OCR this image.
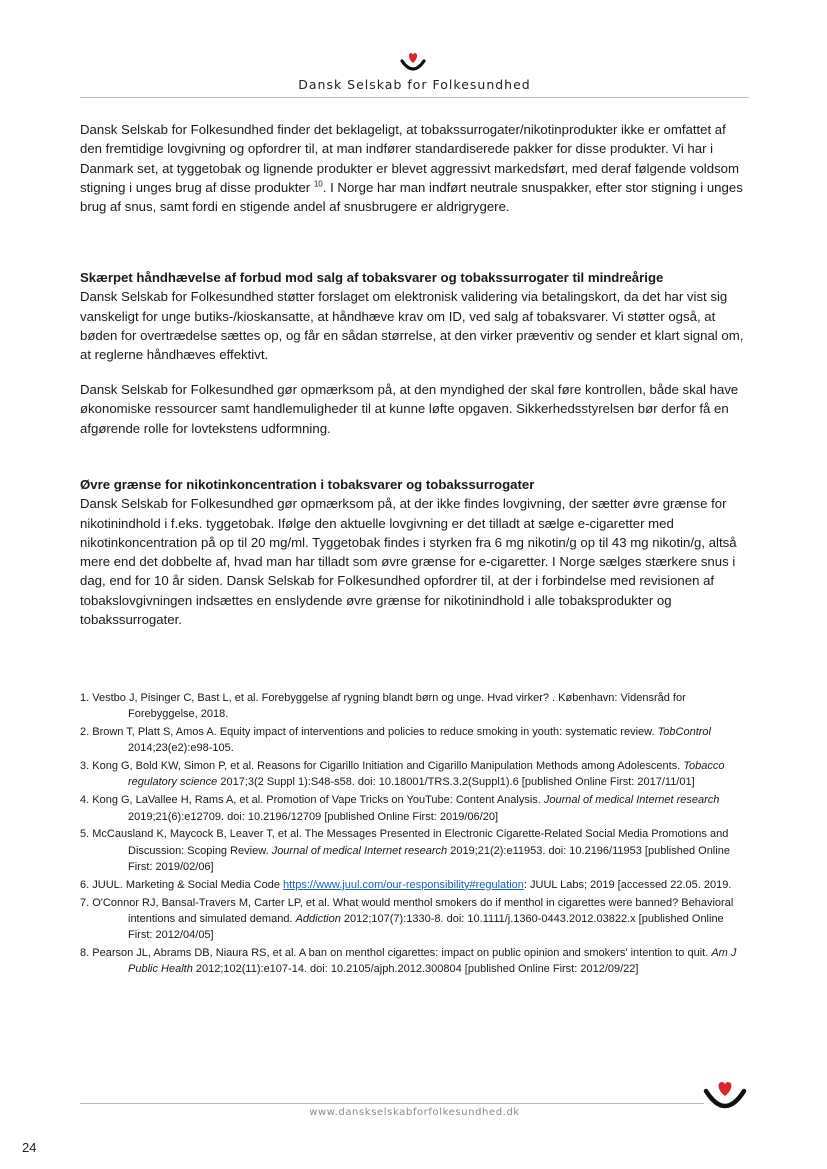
Dansk Selskab for Folkesundhed

Dansk Selskab for Folkesundhed finder det beklageligt, at tobakssurrogater/nikotinprodukter ikke er omfattet af den fremtidige lovgivning og opfordrer til, at man indfører standardiserede pakker for disse produkter. Vi har i Danmark set, at tyggetobak og lignende produkter er blevet aggressivt markedsført, med deraf følgende voldsom stigning i unges brug af disse produkter $^{10}$. I Norge har man indført neutrale snuspakker, efter stor stigning i unges brug af snus, samt fordi en stigende andel af snusbrugere er aldrigrygere.

Skærpet håndhævelse af forbud mod salg af tobaksvarer og tobakssurrogater til mindreårige
Dansk Selskab for Folkesundhed støtter forslaget om elektronisk validering via betalingskort, da det har vist sig vanskeligt for unge butiks-/kioskansatte, at håndhæve krav om ID, ved salg af tobaksvarer. Vi støtter også, at bøden for overtrædelse sættes op, og får en sådan størrelse, at den virker præventiv og sender et klart signal om, at reglerne håndhæves effektivt.

Dansk Selskab for Folkesundhed gør opmærksom på, at den myndighed der skal føre kontrollen, både skal have økonomiske ressourcer samt handlemuligheder til at kunne løfte opgaven. Sikkerhedsstyrelsen bør derfor få en afgørende rolle for lovtekstens udformning.

Øvre grænse for nikotinkoncentration i tobaksvarer og tobakssurrogater
Dansk Selskab for Folkesundhed gør opmærksom på, at der ikke findes lovgivning, der sætter øvre grænse for nikotinindhold i f.eks. tyggetobak. Ifølge den aktuelle lovgivning er det tilladt at sælge e-cigaretter med nikotinkoncentration på op til 20 mg/ml. Tyggetobak findes i styrken fra 6 mg nikotin/g op til 43 mg nikotin/g, altså mere end det dobbelte af, hvad man har tilladt som øvre grænse for e-cigaretter. I Norge sælges stærkere snus i dag, end for 10 år siden. Dansk Selskab for Folkesundhed opfordrer til, at der i forbindelse med revisionen af tobakslovgivningen indsættes en enslydende øvre grænse for nikotinindhold i alle tobaksprodukter og tobakssurrogater.
1. Vestbo J, Pisinger C, Bast L, et al. Forebyggelse af rygning blandt børn og unge. Hvad virker? . København: Vidensråd for Forebyggelse, 2018.
2. Brown T, Platt S, Amos A. Equity impact of interventions and policies to reduce smoking in youth: systematic review. TobControl 2014;23(e2):e98-105.
3. Kong G, Bold KW, Simon P, et al. Reasons for Cigarillo Initiation and Cigarillo Manipulation Methods among Adolescents. Tobacco regulatory science 2017;3(2 Suppl 1):S48-s58. doi: 10.18001/TRS.3.2(Suppl1).6 [published Online First: 2017/11/01]
4. Kong G, LaVallee H, Rams A, et al. Promotion of Vape Tricks on YouTube: Content Analysis. Journal of medical Internet research 2019;21(6):e12709. doi: 10.2196/12709 [published Online First: 2019/06/20]
5. McCausland K, Maycock B, Leaver T, et al. The Messages Presented in Electronic Cigarette-Related Social Media Promotions and Discussion: Scoping Review. Journal of medical Internet research 2019;21(2):e11953. doi: 10.2196/11953 [published Online First: 2019/02/06]
6. JUUL. Marketing & Social Media Code https://www.juul.com/our-responsibility#regulation: JUUL Labs; 2019 [accessed 22.05. 2019.
7. O'Connor RJ, Bansal-Travers M, Carter LP, et al. What would menthol smokers do if menthol in cigarettes were banned? Behavioral intentions and simulated demand. Addiction 2012;107(7):1330-8. doi: 10.1111/j.1360-0443.2012.03822.x [published Online First: 2012/04/05]
8. Pearson JL, Abrams DB, Niaura RS, et al. A ban on menthol cigarettes: impact on public opinion and smokers' intention to quit. Am J Public Health 2012;102(11):e107-14. doi: 10.2105/ajph.2012.300804 [published Online First: 2012/09/22]
www.danskselskabforfolkesundhed.dk
24
